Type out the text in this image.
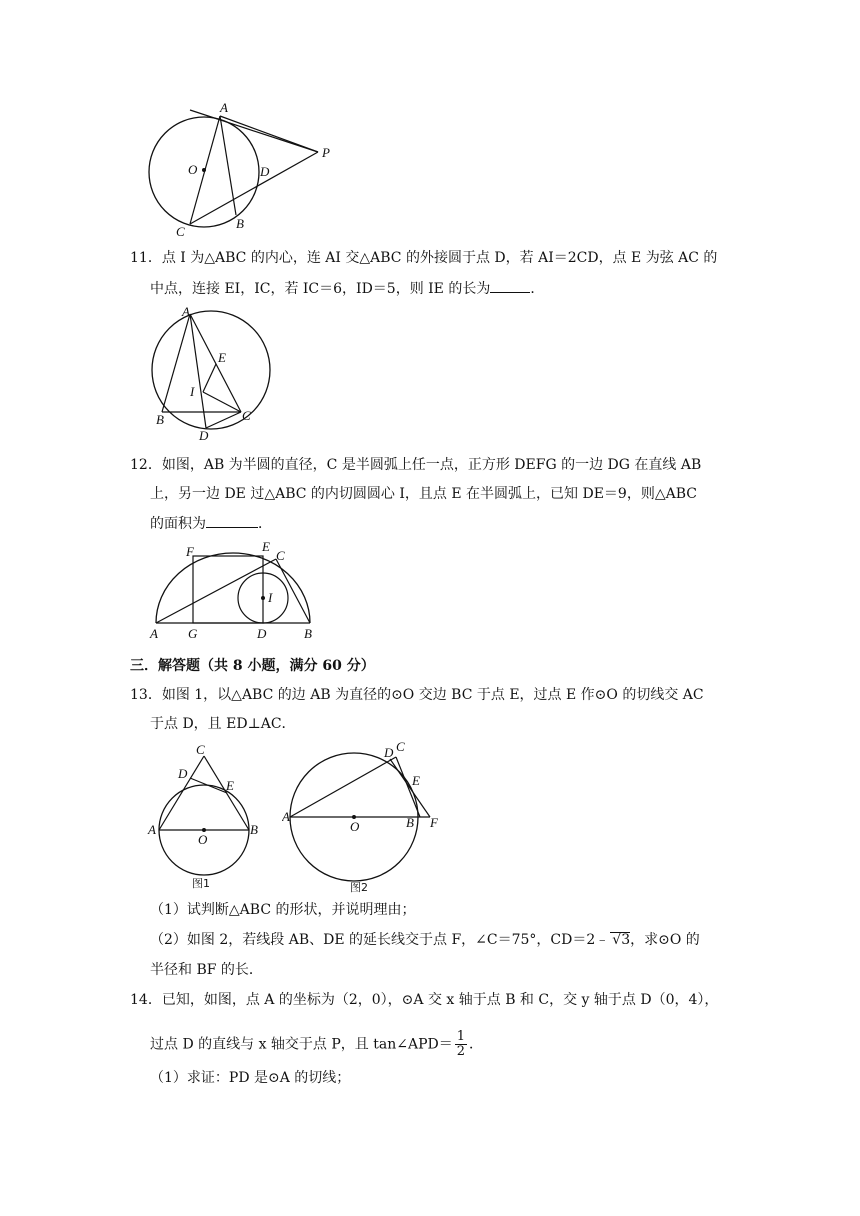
A
O	D
P
C
B
11．点 I 为△ABC 的内心，连 AI 交△ABC 的外接圆于点 D，若 AI＝2CD，点 E 为弦 AC 的
中点，连接 EI，IC，若 IC＝6，ID＝5，则 IE 的长为	．
A
E
I
B	C
D
12．如图，AB 为半圆的直径，C 是半圆弧上任一点，正方形 DEFG 的一边 DG 在直线 AB
上，另一边 DE 过△ABC 的内切圆圆心 I，且点 E 在半圆弧上，已知 DE＝9，则△ABC
的面积为	．
F	E
C
I
A G	D	B
三．解答题（共 8 小题，满分 60 分）
13．如图 1，以△ABC 的边 AB 为直径的⊙O 交边 BC 于点 E，过点 E 作⊙O 的切线交 AC
于点 D，且 ED⊥AC．
C
D
E
A	B
O
图1
D C
E
A
O	B F
图2
（1）试判断△ABC 的形状，并说明理由；
（2）如图 2，若线段 AB、DE 的延长线交于点 F，∠C＝75°，CD＝2﹣ √3，求⊙O 的
半径和 BF 的长．
14．已知，如图，点 A 的坐标为（2，0），⊙A 交 x 轴于点 B 和 C，交 y 轴于点 D（0，4），
过点 D 的直线与 x 轴交于点 P，且 tan∠APD＝ $\frac{1}{2}$ ．
（1）求证：PD 是⊙A 的切线；
